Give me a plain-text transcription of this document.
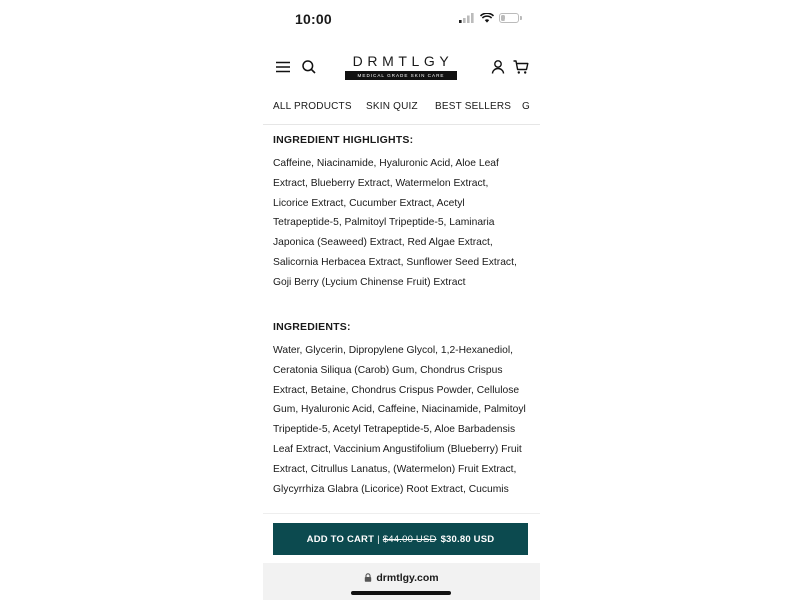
10:00	25
DRMTLGY
MEDICAL GRADE SKIN CARE
ALL PRODUCTS SKIN QUIZ BEST SELLERS G
INGREDIENT HIGHLIGHTS:

Caffeine, Niacinamide, Hyaluronic Acid, Aloe Leaf Extract, Blueberry Extract, Watermelon Extract, Licorice Extract, Cucumber Extract, Acetyl Tetrapeptide-5, Palmitoyl Tripeptide-5, Laminaria Japonica (Seaweed) Extract, Red Algae Extract, Salicornia Herbacea Extract, Sunflower Seed Extract, Goji Berry (Lycium Chinense Fruit) Extract

INGREDIENTS:

Water, Glycerin, Dipropylene Glycol, 1,2-Hexanediol, Ceratonia Siliqua (Carob) Gum, Chondrus Crispus Extract, Betaine, Chondrus Crispus Powder, Cellulose Gum, Hyaluronic Acid, Caffeine, Niacinamide, Palmitoyl Tripeptide-5, Acetyl Tetrapeptide-5, Aloe Barbadensis Leaf Extract, Vaccinium Angustifolium (Blueberry) Fruit Extract, Citrullus Lanatus, (Watermelon) Fruit Extract, Glycyrrhiza Glabra (Licorice) Root Extract, Cucumis

ADD TO CART | $44.00 USD $30.80 USD
drmtlgy.com
